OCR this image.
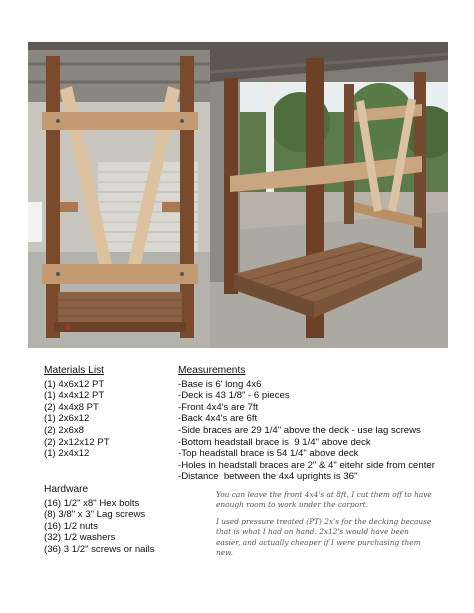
Materials List
(1) 4x6x12 PT
(1) 4x4x12 PT
(2) 4x4x8 PT
(1) 2x6x12
(2) 2x6x8
(2) 2x12x12 PT
(1) 2x4x12
Measurements
-Base is 6' long 4x6
-Deck is 43 1/8" - 6 pieces
-Front 4x4's are 7ft
-Back 4x4's are 6ft
-Side braces are 29 1/4" above the deck - use lag screws
-Bottom headstall brace is  9 1/4" above deck
-Top headstall brace is 54 1/4" above deck
-Holes in headstall braces are 2" & 4" eitehr side from center
-Distance  between the 4x4 uprights is 36"
Hardware
(16) 1/2" x8" Hex bolts
(8) 3/8" x 3" Lag screws
(16) 1/2 nuts
(32) 1/2 washers
(36) 3 1/2" screws or nails

You can leave the front 4x4's at 8ft, I cut them off to have enough room to work under the carport.

I used pressure treated (PT) 2x's for the decking because that is what I had on hand. 2x12's would have been easier, and actually cheaper if I were purchasing them new.
